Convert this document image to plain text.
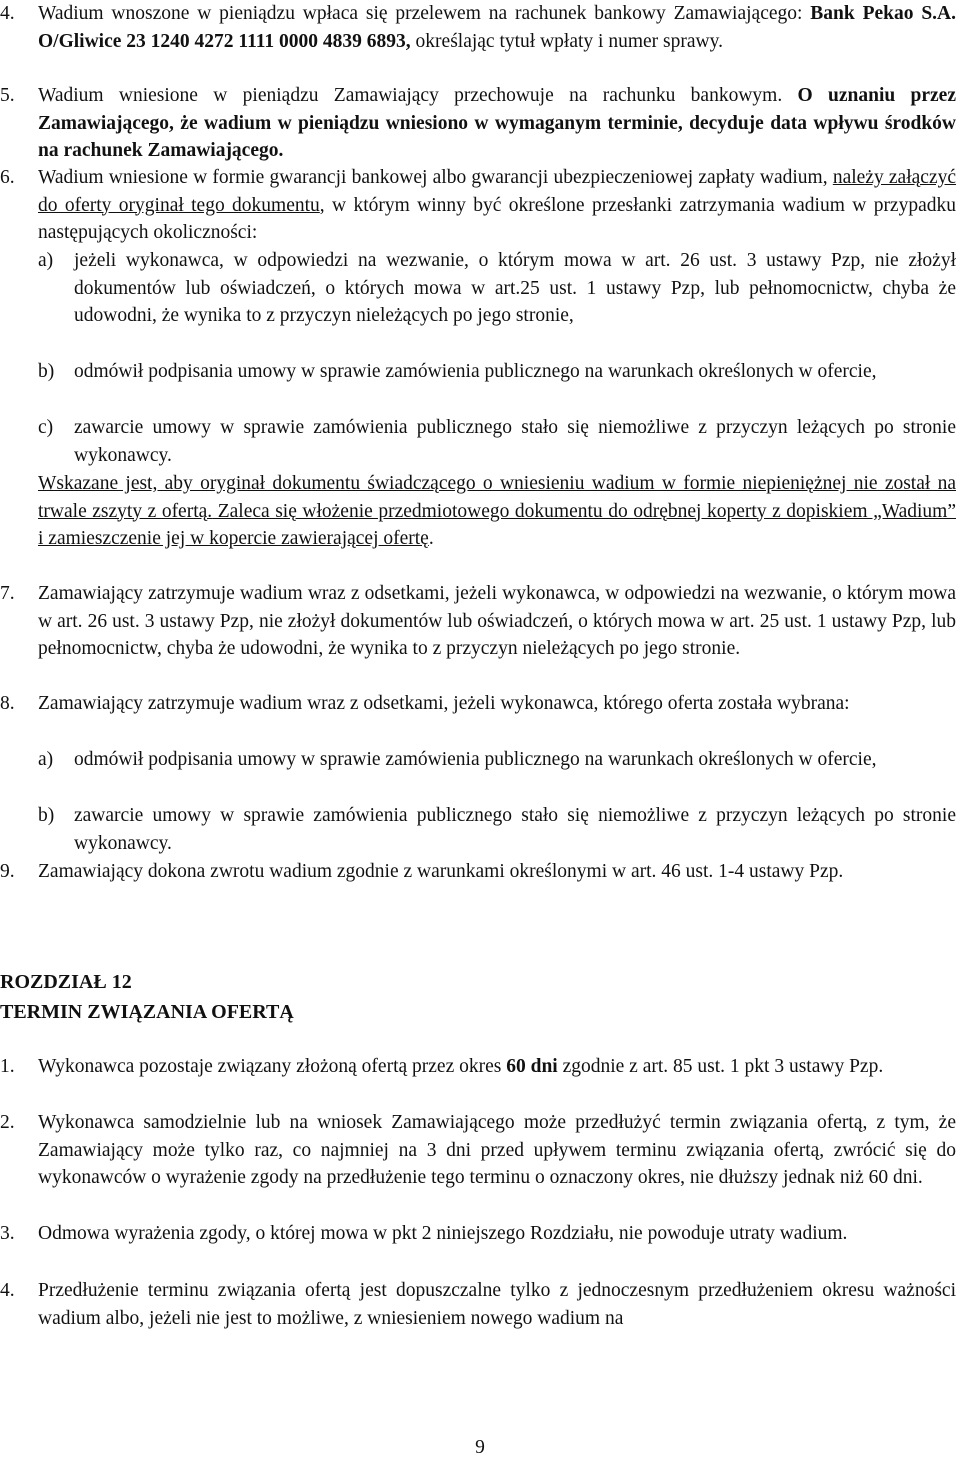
4.	Wadium wnoszone w pieniądzu wpłaca się przelewem na rachunek bankowy Zamawiającego: Bank Pekao S.A. O/Gliwice 23 1240 4272 1111 0000 4839 6893, określając tytuł wpłaty i numer sprawy.
5.	Wadium wniesione w pieniądzu Zamawiający przechowuje na rachunku bankowym. O uznaniu przez Zamawiającego, że wadium w pieniądzu wniesiono w wymaganym terminie, decyduje data wpływu środków na rachunek Zamawiającego.
6.	Wadium wniesione w formie gwarancji bankowej albo gwarancji ubezpieczeniowej zapłaty wadium, należy załączyć do oferty oryginał tego dokumentu, w którym winny być określone przesłanki zatrzymania wadium w przypadku następujących okoliczności:
a)	jeżeli wykonawca, w odpowiedzi na wezwanie, o którym mowa w art. 26 ust. 3 ustawy Pzp, nie złożył dokumentów lub oświadczeń, o których mowa w art.25 ust. 1 ustawy Pzp, lub pełnomocnictw, chyba że udowodni, że wynika to z przyczyn nieleżących po jego stronie,
b)	odmówił podpisania umowy w sprawie zamówienia publicznego na warunkach określonych w ofercie,
c)	zawarcie umowy w sprawie zamówienia publicznego stało się niemożliwe z przyczyn leżących po stronie wykonawcy.
Wskazane jest, aby oryginał dokumentu świadczącego o wniesieniu wadium w formie niepieniężnej nie został na trwale zszyty z ofertą. Zaleca się włożenie przedmiotowego dokumentu do odrębnej koperty z dopiskiem „Wadium” i zamieszczenie jej w kopercie zawierającej ofertę.
7.	Zamawiający zatrzymuje wadium wraz z odsetkami, jeżeli wykonawca, w odpowiedzi na wezwanie, o którym mowa w art. 26 ust. 3 ustawy Pzp, nie złożył dokumentów lub oświadczeń, o których mowa w art. 25 ust. 1 ustawy Pzp, lub pełnomocnictw, chyba że udowodni, że wynika to z przyczyn nieleżących po jego stronie.
8.	Zamawiający zatrzymuje wadium wraz z odsetkami, jeżeli wykonawca, którego oferta została wybrana:
a)	odmówił podpisania umowy w sprawie zamówienia publicznego na warunkach określonych w ofercie,
b)	zawarcie umowy w sprawie zamówienia publicznego stało się niemożliwe z przyczyn leżących po stronie wykonawcy.
9.	Zamawiający dokona zwrotu wadium zgodnie z warunkami określonymi w art. 46 ust. 1-4 ustawy Pzp.
ROZDZIAŁ 12
TERMIN ZWIĄZANIA OFERTĄ
1.	Wykonawca pozostaje związany złożoną ofertą przez okres 60 dni zgodnie z art. 85 ust. 1 pkt 3 ustawy Pzp.
2.	Wykonawca samodzielnie lub na wniosek Zamawiającego może przedłużyć termin związania ofertą, z tym, że Zamawiający może tylko raz, co najmniej na 3 dni przed upływem terminu związania ofertą, zwrócić się do wykonawców o wyrażenie zgody na przedłużenie tego terminu o oznaczony okres, nie dłuższy jednak niż 60 dni.
3.	Odmowa wyrażenia zgody, o której mowa w pkt 2 niniejszego Rozdziału, nie powoduje utraty wadium.
4.	Przedłużenie terminu związania ofertą jest dopuszczalne tylko z jednoczesnym przedłużeniem okresu ważności wadium albo, jeżeli nie jest to możliwe, z wniesieniem nowego wadium na
9
